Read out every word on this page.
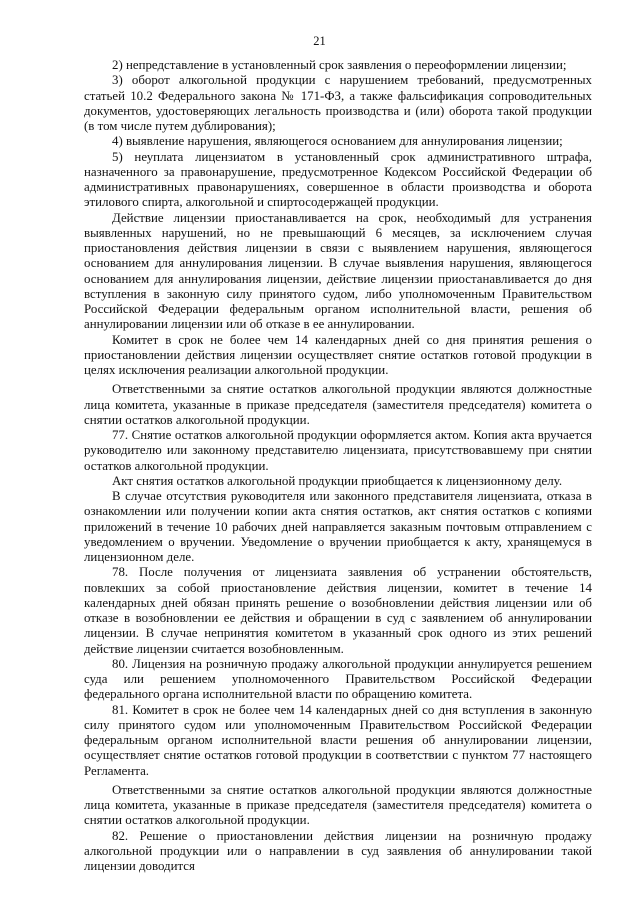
21

2) непредставление в установленный срок заявления о переоформлении лицензии;

3) оборот алкогольной продукции с нарушением требований, предусмотренных статьей 10.2 Федерального закона № 171-ФЗ, а также фальсификация сопроводительных документов, удостоверяющих легальность производства и (или) оборота такой продукции (в том числе путем дублирования);

4) выявление нарушения, являющегося основанием для аннулирования лицензии;

5) неуплата лицензиатом в установленный срок административного штрафа, назначенного за правонарушение, предусмотренное Кодексом Российской Федерации об административных правонарушениях, совершенное в области производства и оборота этилового спирта, алкогольной и спиртосодержащей продукции.

Действие лицензии приостанавливается на срок, необходимый для устранения выявленных нарушений, но не превышающий 6 месяцев, за исключением случая приостановления действия лицензии в связи с выявлением нарушения, являющегося основанием для аннулирования лицензии. В случае выявления нарушения, являющегося основанием для аннулирования лицензии, действие лицензии приостанавливается до дня вступления в законную силу принятого судом, либо уполномоченным Правительством Российской Федерации федеральным органом исполнительной власти, решения об аннулировании лицензии или об отказе в ее аннулировании.

Комитет в срок не более чем 14 календарных дней со дня принятия решения о приостановлении действия лицензии осуществляет снятие остатков готовой продукции в целях исключения реализации алкогольной продукции.

Ответственными за снятие остатков алкогольной продукции являются должностные лица комитета, указанные в приказе председателя (заместителя председателя) комитета о снятии остатков алкогольной продукции.

77. Снятие остатков алкогольной продукции оформляется актом. Копия акта вручается руководителю или законному представителю лицензиата, присутствовавшему при снятии остатков алкогольной продукции.

Акт снятия остатков алкогольной продукции приобщается к лицензионному делу.

В случае отсутствия руководителя или законного представителя лицензиата, отказа в ознакомлении или получении копии акта снятия остатков, акт снятия остатков с копиями приложений в течение 10 рабочих дней направляется заказным почтовым отправлением с уведомлением о вручении. Уведомление о вручении приобщается к акту, хранящемуся в лицензионном деле.

78. После получения от лицензиата заявления об устранении обстоятельств, повлекших за собой приостановление действия лицензии, комитет в течение 14 календарных дней обязан принять решение о возобновлении действия лицензии или об отказе в возобновлении ее действия и обращении в суд с заявлением об аннулировании лицензии. В случае непринятия комитетом в указанный срок одного из этих решений действие лицензии считается возобновленным.

80. Лицензия на розничную продажу алкогольной продукции аннулируется решением суда или решением уполномоченного Правительством Российской Федерации федерального органа исполнительной власти по обращению комитета.

81. Комитет в срок не более чем 14 календарных дней со дня вступления в законную силу принятого судом или уполномоченным Правительством Российской Федерации федеральным органом исполнительной власти решения об аннулировании лицензии, осуществляет снятие остатков готовой продукции в соответствии с пунктом 77 настоящего Регламента.

Ответственными за снятие остатков алкогольной продукции являются должностные лица комитета, указанные в приказе председателя (заместителя председателя) комитета о снятии остатков алкогольной продукции.

82. Решение о приостановлении действия лицензии на розничную продажу алкогольной продукции или о направлении в суд заявления об аннулировании такой лицензии доводится
